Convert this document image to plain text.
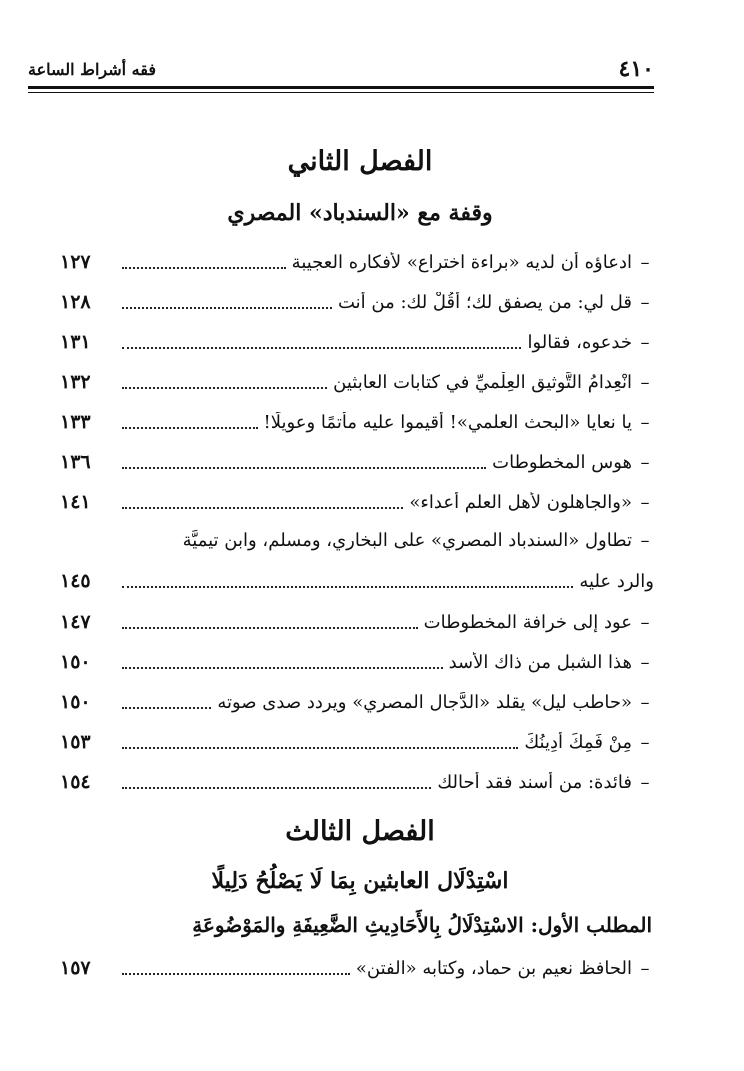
٤١٠
فقه أشراط الساعة
الفصل الثاني
وقفة مع «السندباد» المصري
–
ادعاؤه أن لديه «براءة اختراع» لأفكاره العجيبة
١٢٧
–
قل لي: من يصفق لك؛ أَقُلْ لك: من أنت
١٢٨
–
خدعوه، فقالوا
١٣١
–
انْعِدامُ التَّوثيق العِلْميِّ في كتابات العابثين
١٣٢
–
يا نعايا «البحث العلمي»! أقيموا عليه مأتمًا وعويلًا!
١٣٣
–
هوس المخطوطات
١٣٦
–
«والجاهلون لأهل العلم أعداء»
١٤١
–
تطاول «السندباد المصري» على البخاري، ومسلم، وابن تيميَّة
والرد عليه
١٤٥
–
عود إلى خرافة المخطوطات
١٤٧
–
هذا الشبل من ذاك الأسد
١٥٠
–
«حاطب ليل» يقلد «الدَّجال المصري» ويردد صدى صوته
١٥٠
–
مِنْ فَمِكَ أُدِينُكَ
١٥٣
–
فائدة: من أسند فقد أحالك
١٥٤
الفصل الثالث
اسْتِدْلَال العابثين بِمَا لَا يَصْلُحُ دَلِيلًا
المطلب الأول: الاسْتِدْلَالُ بِالأَحَادِيثِ الضَّعِيفَةِ والمَوْضُوعَةِ
–
الحافظ نعيم بن حماد، وكتابه «الفتن»
١٥٧
